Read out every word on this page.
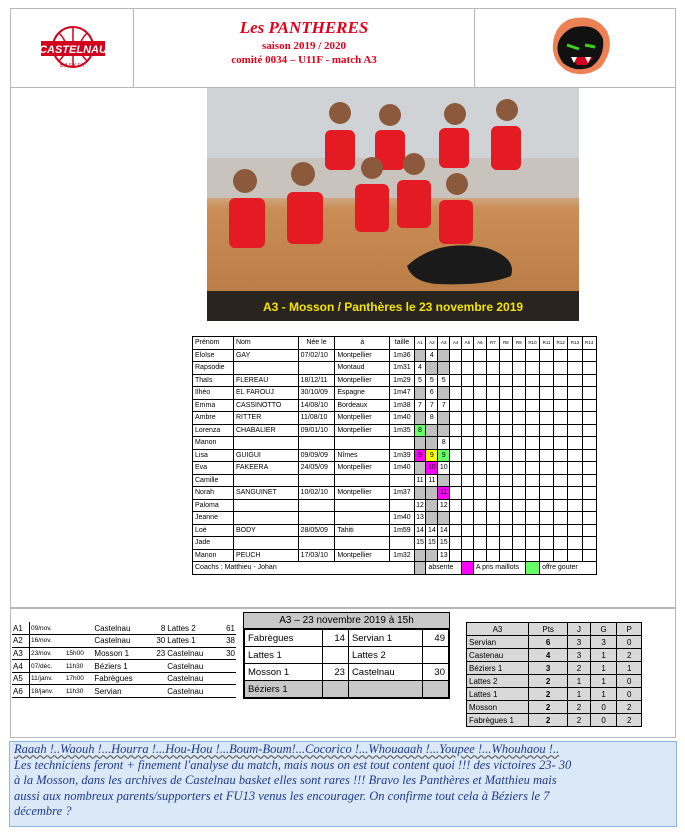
CASTELNAU
BASKET
Les PANTHERES
saison 2019 / 2020
comité 0034 – U11F - match A3
A3 - Mosson / Panthères le 23 novembre 2019
Prénom	Nom	Née le	à	taille	A1	A2	A3	A4	A5	A6	R7	R8	R9	R10	R11	R12	R13	R14
Eloïse	GAY	07/02/10	Montpellier	1m36		4												
Rapsodie			Montaud	1m31	4													
Thaïs	FLEREAU	18/12/11	Montpellier	1m29	5	5	5											
Ilhéo	EL FAROUJ	30/10/09	Espagne	1m47		6												
Emma	CASSINOTTO	14/08/10	Bordeaux	1m38	7	7	7											
Ambre	RITTER	11/08/10	Montpellier	1m40		8												
Lorenza	CHABALIER	09/01/10	Montpellier	1m35	8													
Manon							8											
Lisa	GUIGUI	09/09/09	Nîmes	1m39	9	9	9											
Eva	FAKEERA	24/05/09	Montpellier	1m40		10	10											
Camille					11	11												
Norah	SANGUINET	10/02/10	Montpellier	1m37			11											
Paloma					12		12											
Jeanne				1m40	13													
Loé	BODY	28/05/09	Tahiti	1m59	14	14	14											
Jade					15	15	15											
Manon	PEUCH	17/03/10	Montpellier	1m32			13											
Coachs : Matthieu - Johan						absente				A pris maillots					offre gouter			
A1	09/nov.		Castelnau	8	Lattes 2	61
A2	16/nov.		Castelnau	30	Lattes 1	38
A3	23/nov.	15h00	Mosson 1	23	Castelnau	30
A4	07/déc.	11h30	Béziers 1		Castelnau	
A5	11/janv.	17h00	Fabrègues		Castelnau	
A6	18/janv.	11h30	Servian		Castelnau	
A3 – 23 novembre 2019 à 15h
Fabrègues	14	Servian 1	49
Lattes 1		Lattes 2	
Mosson 1	23	Castelnau	30
Béziers 1			
A3	Pts	J	G	P
Servian	6	3	3	0
Castenau	4	3	1	2
Béziers 1	3	2	1	1
Lattes 2	2	1	1	0
Lattes 1	2	1	1	0
Mosson	2	2	0	2
Fabrègues 1	2	2	0	2
Raaah !..Waouh !...Hourra !...Hou-Hou !...Boum-Boum!...Cocorico !...Whouaaah !...Youpee !...Whouhaou !..
Les techniciens feront + finement l'analyse du match, mais nous on est tout content quoi !!! des victoires 23- 30
à la Mosson, dans les archives de Castelnau basket elles sont rares !!! Bravo les Panthères et Matthieu mais
aussi aux nombreux parents/supporters et FU13 venus les encourager. On confirme tout cela à Béziers le 7
décembre ?
